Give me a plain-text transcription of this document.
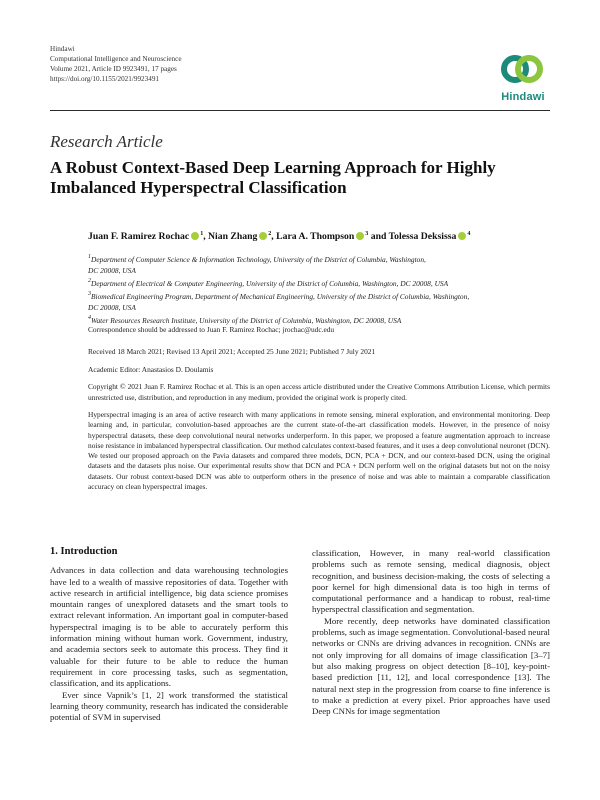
Hindawi
Computational Intelligence and Neuroscience
Volume 2021, Article ID 9923491, 17 pages
https://doi.org/10.1155/2021/9923491
Hindawi
Research Article
A Robust Context-Based Deep Learning Approach for Highly Imbalanced Hyperspectral Classification
Juan F. Ramirez Rochac $^1$, Nian Zhang $^2$, Lara A. Thompson $^3$ and Tolessa Deksissa $^4$
$^1$Department of Computer Science & Information Technology, University of the District of Columbia, Washington,
DC 20008, USA
$^2$Department of Electrical & Computer Engineering, University of the District of Columbia, Washington, DC 20008, USA
$^3$Biomedical Engineering Program, Department of Mechanical Engineering, University of the District of Columbia, Washington,
DC 20008, USA
$^4$Water Resources Research Institute, University of the District of Columbia, Washington, DC 20008, USA
Correspondence should be addressed to Juan F. Ramirez Rochac; jrochac@udc.edu
Received 18 March 2021; Revised 13 April 2021; Accepted 25 June 2021; Published 7 July 2021
Academic Editor: Anastasios D. Doulamis
Copyright © 2021 Juan F. Ramirez Rochac et al. This is an open access article distributed under the Creative Commons Attribution License, which permits unrestricted use, distribution, and reproduction in any medium, provided the original work is properly cited.
Hyperspectral imaging is an area of active research with many applications in remote sensing, mineral exploration, and environmental monitoring. Deep learning and, in particular, convolution-based approaches are the current state-of-the-art classification models. However, in the presence of noisy hyperspectral datasets, these deep convolutional neural networks underperform. In this paper, we proposed a feature augmentation approach to increase noise resistance in imbalanced hyperspectral classification. Our method calculates context-based features, and it uses a deep convolutional neuronet (DCN). We tested our proposed approach on the Pavia datasets and compared three models, DCN, PCA + DCN, and our context-based DCN, using the original datasets and the datasets plus noise. Our experimental results show that DCN and PCA + DCN perform well on the original datasets but not on the noisy datasets. Our robust context-based DCN was able to outperform others in the presence of noise and was able to maintain a comparable classification accuracy on clean hyperspectral images.
1. Introduction

Advances in data collection and data warehousing technologies have led to a wealth of massive repositories of data. Together with active research in artificial intelligence, big data science promises mountain ranges of unexplored datasets and the smart tools to extract relevant information. An important goal in computer-based hyperspectral imaging is to be able to accurately perform this information mining without human work. Government, industry, and academia sectors seek to automate this process. They find it valuable for their future to be able to reduce the human requirement in core processing tasks, such as segmentation, classification, and its applications.

Ever since Vapnik’s [1, 2] work transformed the statistical learning theory community, research has indicated the considerable potential of SVM in supervised

classification, However, in many real-world classification problems such as remote sensing, medical diagnosis, object recognition, and business decision-making, the costs of selecting a poor kernel for high dimensional data is too high in terms of computational performance and a handicap to robust, real-time hyperspectral classification and segmentation.

More recently, deep networks have dominated classification problems, such as image segmentation. Convolutional-based neural networks or CNNs are driving advances in recognition. CNNs are not only improving for all domains of image classification [3–7] but also making progress on object detection [8–10], key-point-based prediction [11, 12], and local correspondence [13]. The natural next step in the progression from coarse to fine inference is to make a prediction at every pixel. Prior approaches have used Deep CNNs for image segmentation
